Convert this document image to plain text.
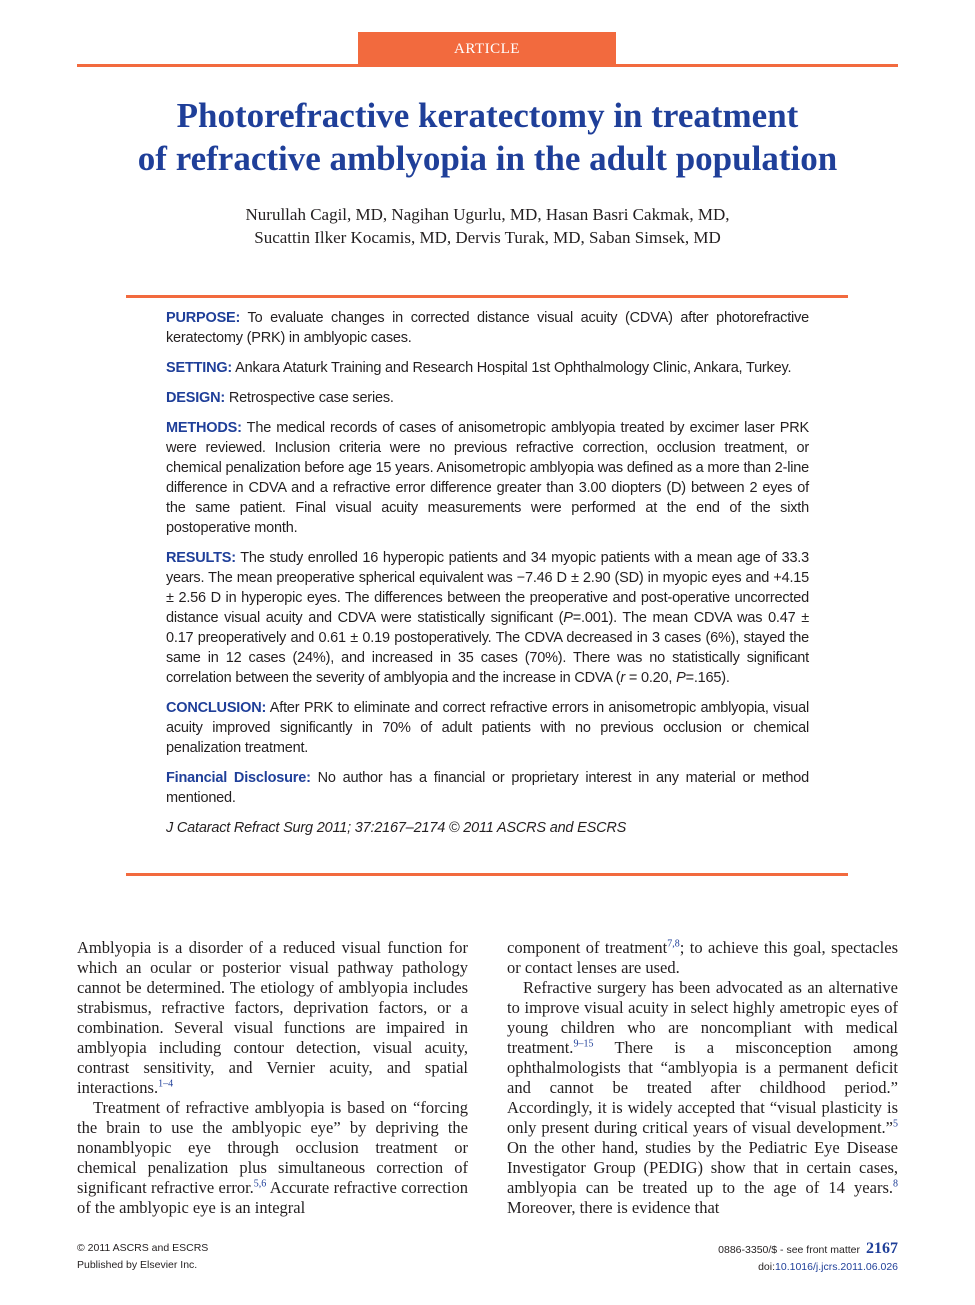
ARTICLE
Photorefractive keratectomy in treatment
of refractive amblyopia in the adult population
Nurullah Cagil, MD, Nagihan Ugurlu, MD, Hasan Basri Cakmak, MD,
Sucattin Ilker Kocamis, MD, Dervis Turak, MD, Saban Simsek, MD

PURPOSE: To evaluate changes in corrected distance visual acuity (CDVA) after photorefractive keratectomy (PRK) in amblyopic cases.

SETTING: Ankara Ataturk Training and Research Hospital 1st Ophthalmology Clinic, Ankara, Turkey.

DESIGN: Retrospective case series.

METHODS: The medical records of cases of anisometropic amblyopia treated by excimer laser PRK were reviewed. Inclusion criteria were no previous refractive correction, occlusion treatment, or chemical penalization before age 15 years. Anisometropic amblyopia was defined as a more than 2-line difference in CDVA and a refractive error difference greater than 3.00 diopters (D) between 2 eyes of the same patient. Final visual acuity measurements were performed at the end of the sixth postoperative month.

RESULTS: The study enrolled 16 hyperopic patients and 34 myopic patients with a mean age of 33.3 years. The mean preoperative spherical equivalent was −7.46 D ± 2.90 (SD) in myopic eyes and +4.15 ± 2.56 D in hyperopic eyes. The differences between the preoperative and post-operative uncorrected distance visual acuity and CDVA were statistically significant (P=.001). The mean CDVA was 0.47 ± 0.17 preoperatively and 0.61 ± 0.19 postoperatively. The CDVA decreased in 3 cases (6%), stayed the same in 12 cases (24%), and increased in 35 cases (70%). There was no statistically significant correlation between the severity of amblyopia and the increase in CDVA (r = 0.20, P=.165).

CONCLUSION: After PRK to eliminate and correct refractive errors in anisometropic amblyopia, visual acuity improved significantly in 70% of adult patients with no previous occlusion or chemical penalization treatment.

Financial Disclosure: No author has a financial or proprietary interest in any material or method mentioned.

J Cataract Refract Surg 2011; 37:2167–2174 © 2011 ASCRS and ESCRS

Amblyopia is a disorder of a reduced visual function for which an ocular or posterior visual pathway pathology cannot be determined. The etiology of amblyopia includes strabismus, refractive factors, deprivation factors, or a combination. Several visual functions are impaired in amblyopia including contour detection, visual acuity, contrast sensitivity, and Vernier acuity, and spatial interactions.$^{1-4}$

Treatment of refractive amblyopia is based on “forcing the brain to use the amblyopic eye” by depriving the nonamblyopic eye through occlusion treatment or chemical penalization plus simultaneous correction of significant refractive error.$^{5,6}$ Accurate refractive correction of the amblyopic eye is an integral

component of treatment$^{7,8}$; to achieve this goal, spectacles or contact lenses are used.

Refractive surgery has been advocated as an alternative to improve visual acuity in select highly ametropic eyes of young children who are noncompliant with medical treatment.$^{9-15}$ There is a misconception among ophthalmologists that “amblyopia is a permanent deficit and cannot be treated after childhood period.” Accordingly, it is widely accepted that “visual plasticity is only present during critical years of visual development.”$^5$ On the other hand, studies by the Pediatric Eye Disease Investigator Group (PEDIG) show that in certain cases, amblyopia can be treated up to the age of 14 years.$^8$ Moreover, there is evidence that

© 2011 ASCRS and ESCRS
Published by Elsevier Inc.
0886-3350/$ - see front matter 2167
doi:10.1016/j.jcrs.2011.06.026
